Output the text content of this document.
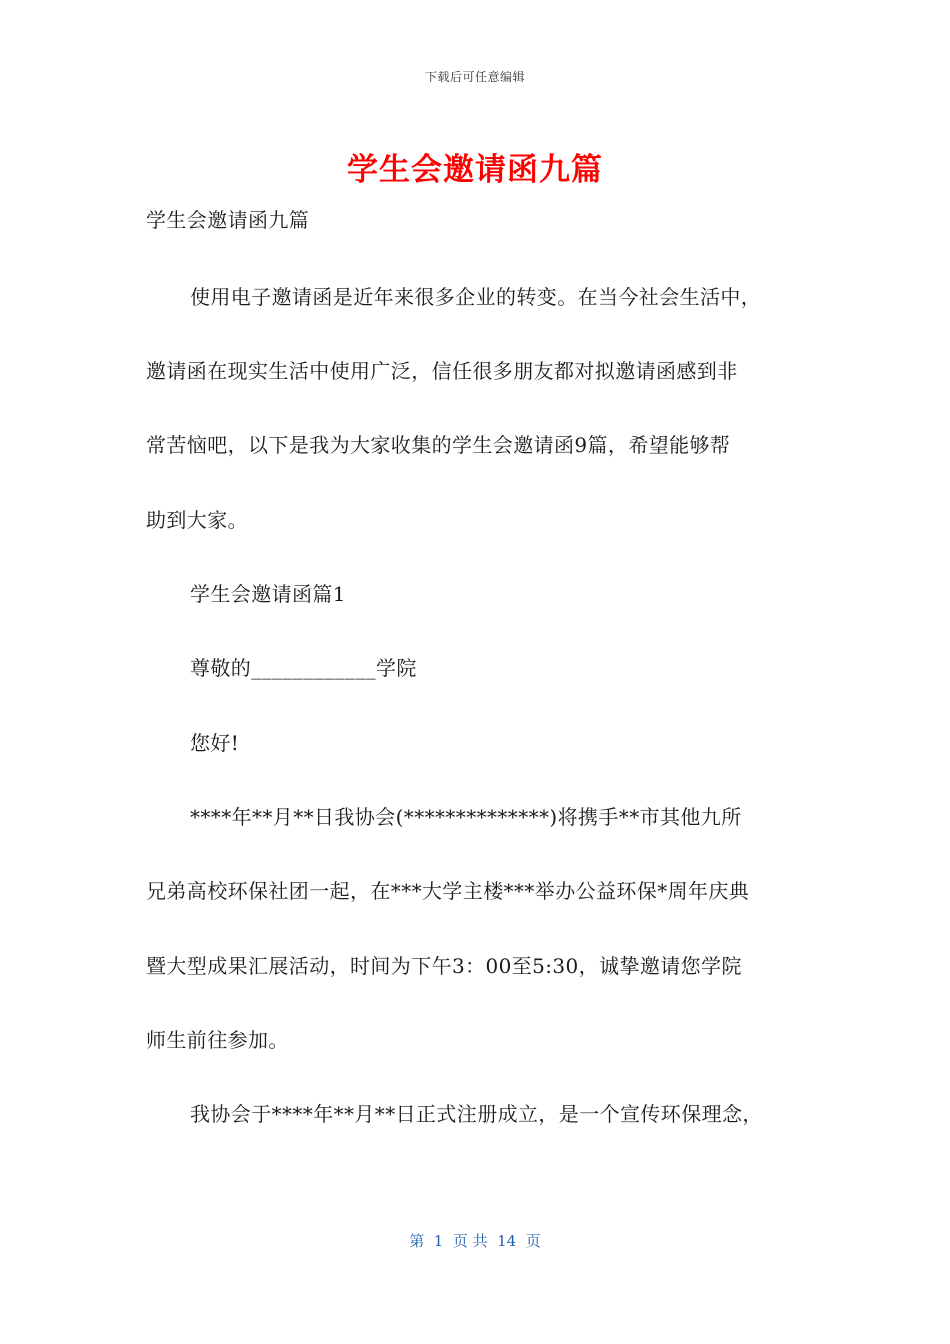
下载后可任意编辑
学生会邀请函九篇
学生会邀请函九篇
使用电子邀请函是近年来很多企业的转变。在当今社会生活中，
邀请函在现实生活中使用广泛，信任很多朋友都对拟邀请函感到非
常苦恼吧，以下是我为大家收集的学生会邀请函9篇，希望能够帮
助到大家。
学生会邀请函篇1
尊敬的____________学院
您好!
****年**月**日我协会(**************)将携手**市其他九所
兄弟高校环保社团一起，在***大学主楼***举办公益环保*周年庆典
暨大型成果汇展活动，时间为下午3：00至5:30，诚挚邀请您学院
师生前往参加。
我协会于****年**月**日正式注册成立，是一个宣传环保理念，
第  1  页 共  14  页
